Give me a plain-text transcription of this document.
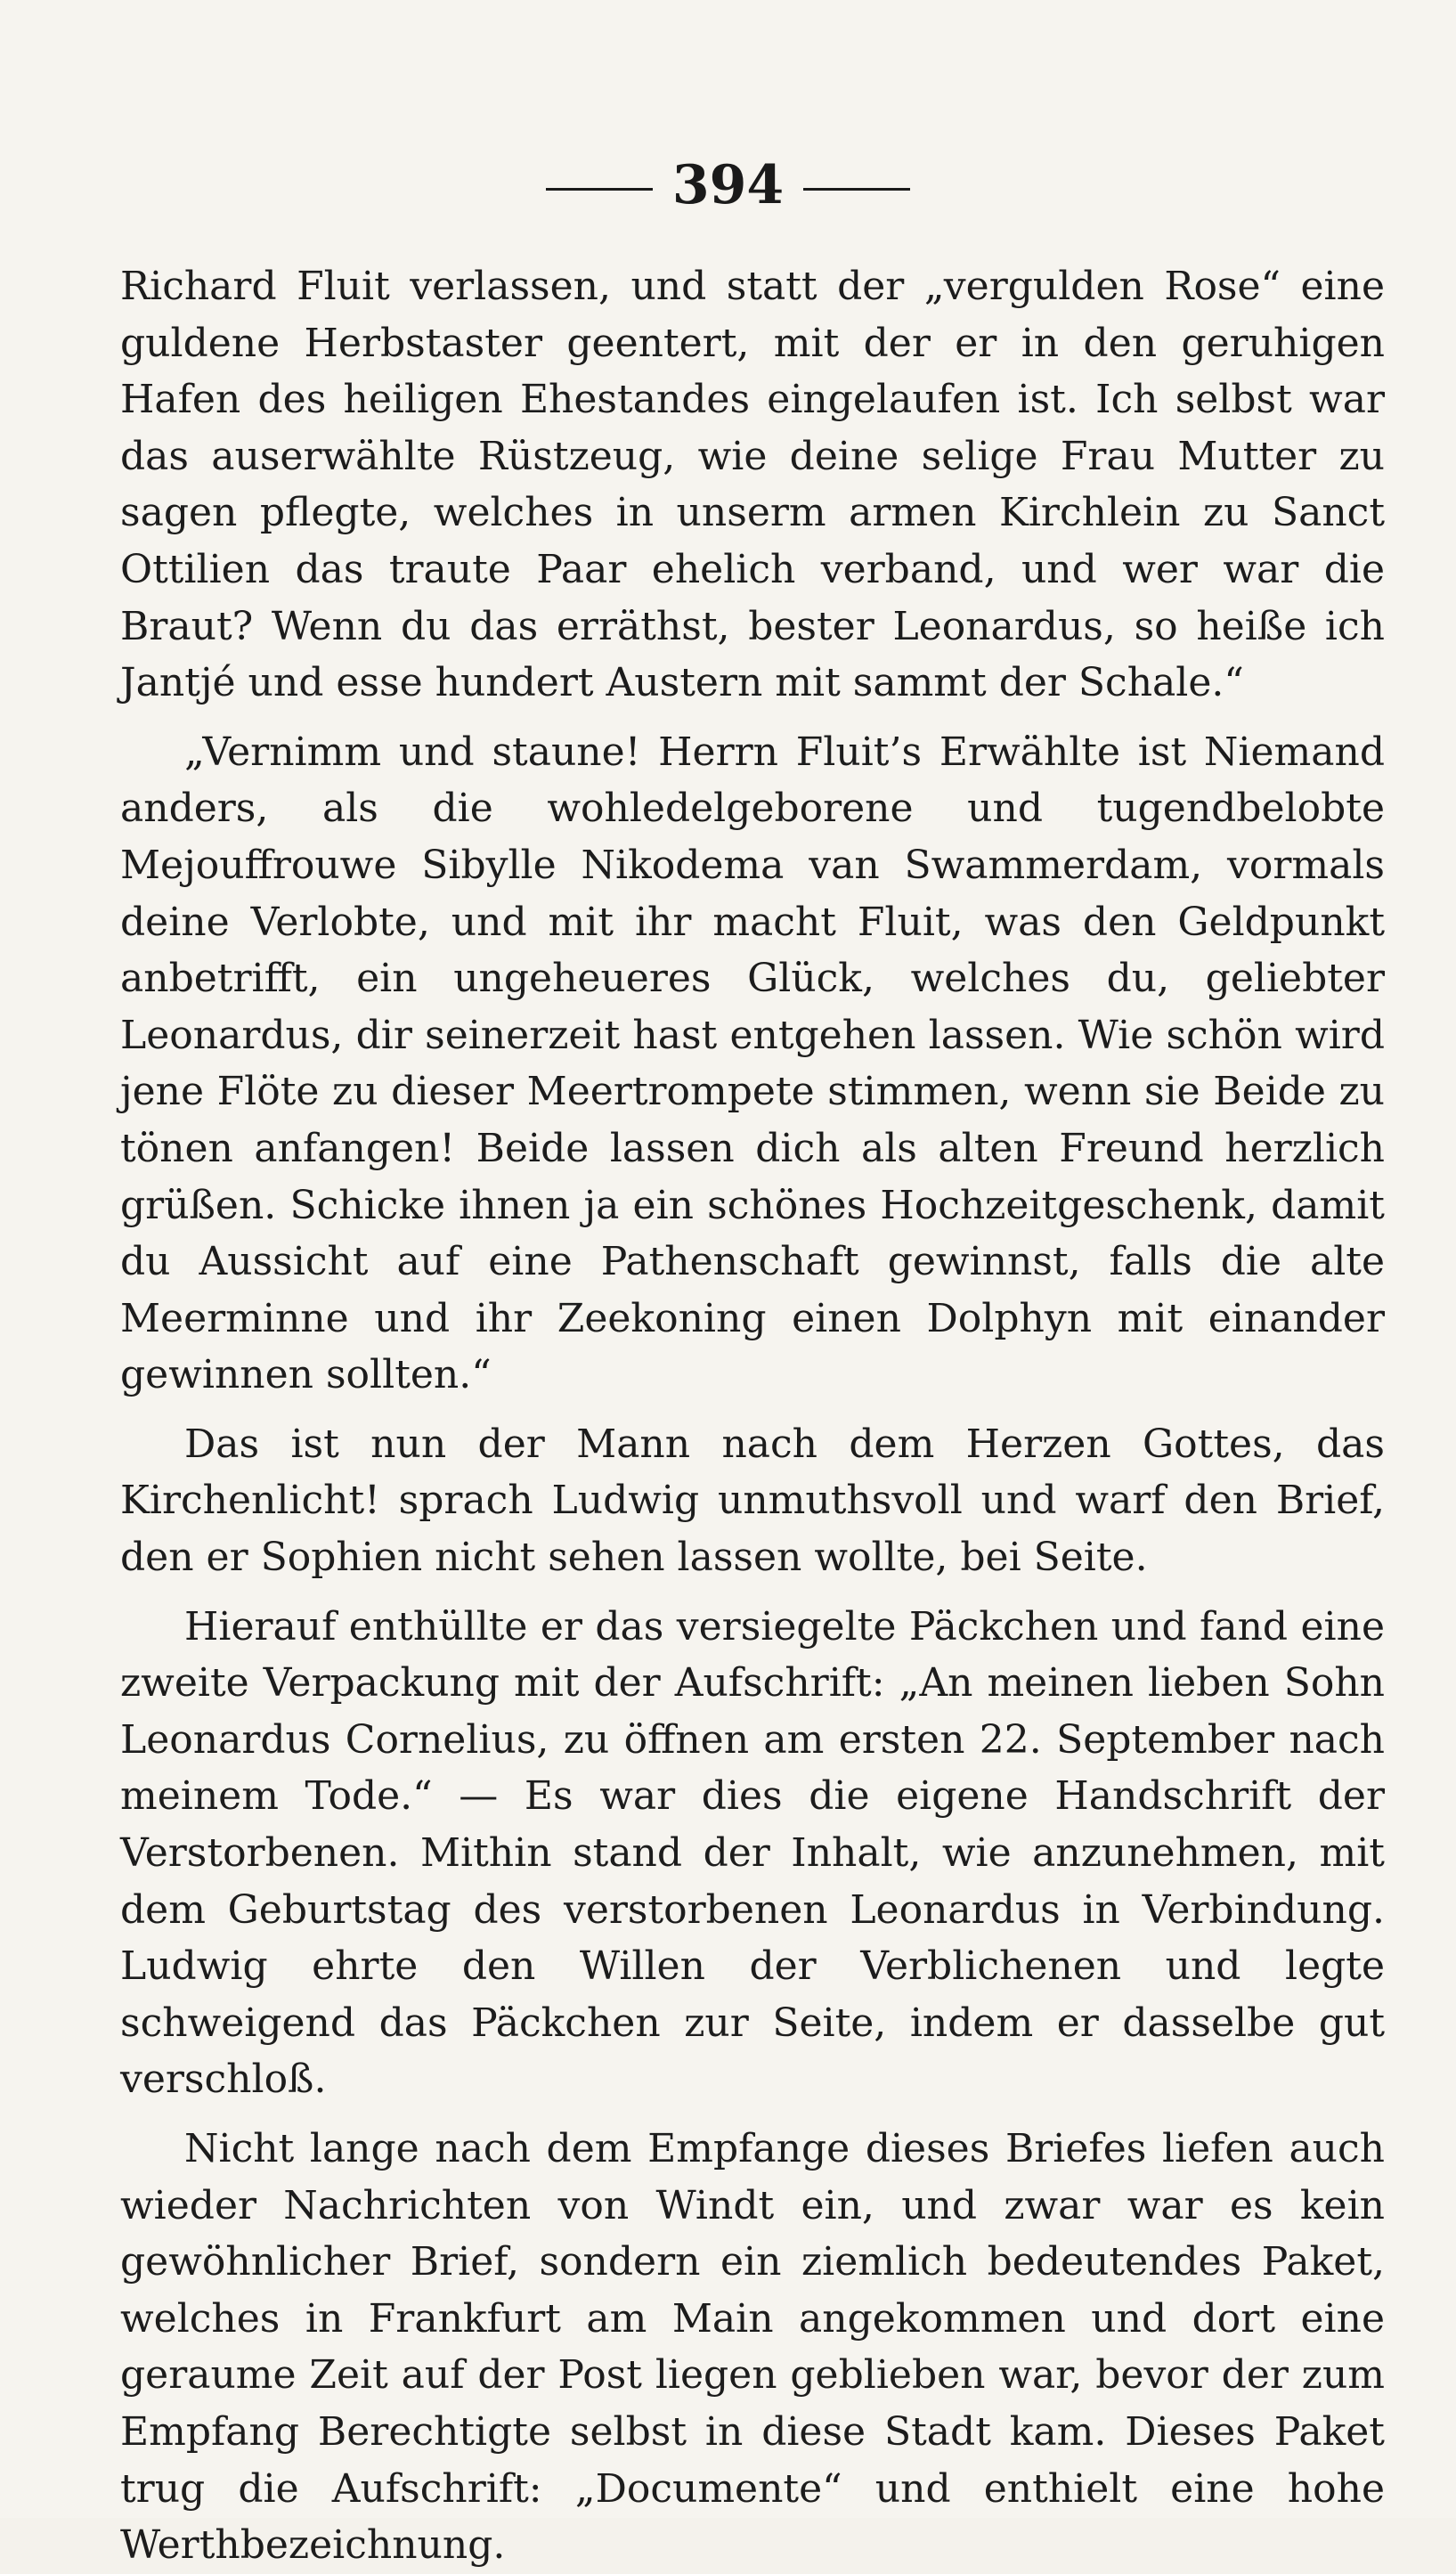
394

Richard Fluit verlassen, und statt der „vergulden Rose“ eine guldene Herbstaster geentert, mit der er in den geruhigen Hafen des heiligen Ehestandes eingelaufen ist. Ich selbst war das auserwählte Rüstzeug, wie deine selige Frau Mutter zu sagen pflegte, welches in unserm armen Kirchlein zu Sanct Ottilien das traute Paar ehelich verband, und wer war die Braut? Wenn du das erräthst, bester Leonardus, so heiße ich Jantjé und esse hundert Austern mit sammt der Schale.“

„Vernimm und staune! Herrn Fluit’s Erwählte ist Niemand anders, als die wohledelgeborene und tugendbelobte Mejouffrouwe Sibylle Nikodema van Swammerdam, vormals deine Verlobte, und mit ihr macht Fluit, was den Geldpunkt anbetrifft, ein ungeheueres Glück, welches du, geliebter Leonardus, dir seinerzeit hast entgehen lassen. Wie schön wird jene Flöte zu dieser Meertrompete stimmen, wenn sie Beide zu tönen anfangen! Beide lassen dich als alten Freund herzlich grüßen. Schicke ihnen ja ein schönes Hochzeitgeschenk, damit du Aussicht auf eine Pathenschaft gewinnst, falls die alte Meerminne und ihr Zeekoning einen Dolphyn mit einander gewinnen sollten.“

Das ist nun der Mann nach dem Herzen Gottes, das Kirchenlicht! sprach Ludwig unmuthsvoll und warf den Brief, den er Sophien nicht sehen lassen wollte, bei Seite.

Hierauf enthüllte er das versiegelte Päckchen und fand eine zweite Verpackung mit der Aufschrift: „An meinen lieben Sohn Leonardus Cornelius, zu öffnen am ersten 22. September nach meinem Tode.“ — Es war dies die eigene Handschrift der Verstorbenen. Mithin stand der Inhalt, wie anzunehmen, mit dem Geburtstag des verstorbenen Leonardus in Verbindung. Ludwig ehrte den Willen der Verblichenen und legte schweigend das Päckchen zur Seite, indem er dasselbe gut verschloß.

Nicht lange nach dem Empfange dieses Briefes liefen auch wieder Nachrichten von Windt ein, und zwar war es kein gewöhnlicher Brief, sondern ein ziemlich bedeutendes Paket, welches in Frankfurt am Main angekommen und dort eine geraume Zeit auf der Post liegen geblieben war, bevor der zum Empfang Berechtigte selbst in diese Stadt kam. Dieses Paket trug die Aufschrift: „Documente“ und enthielt eine hohe Werthbezeichnung.
